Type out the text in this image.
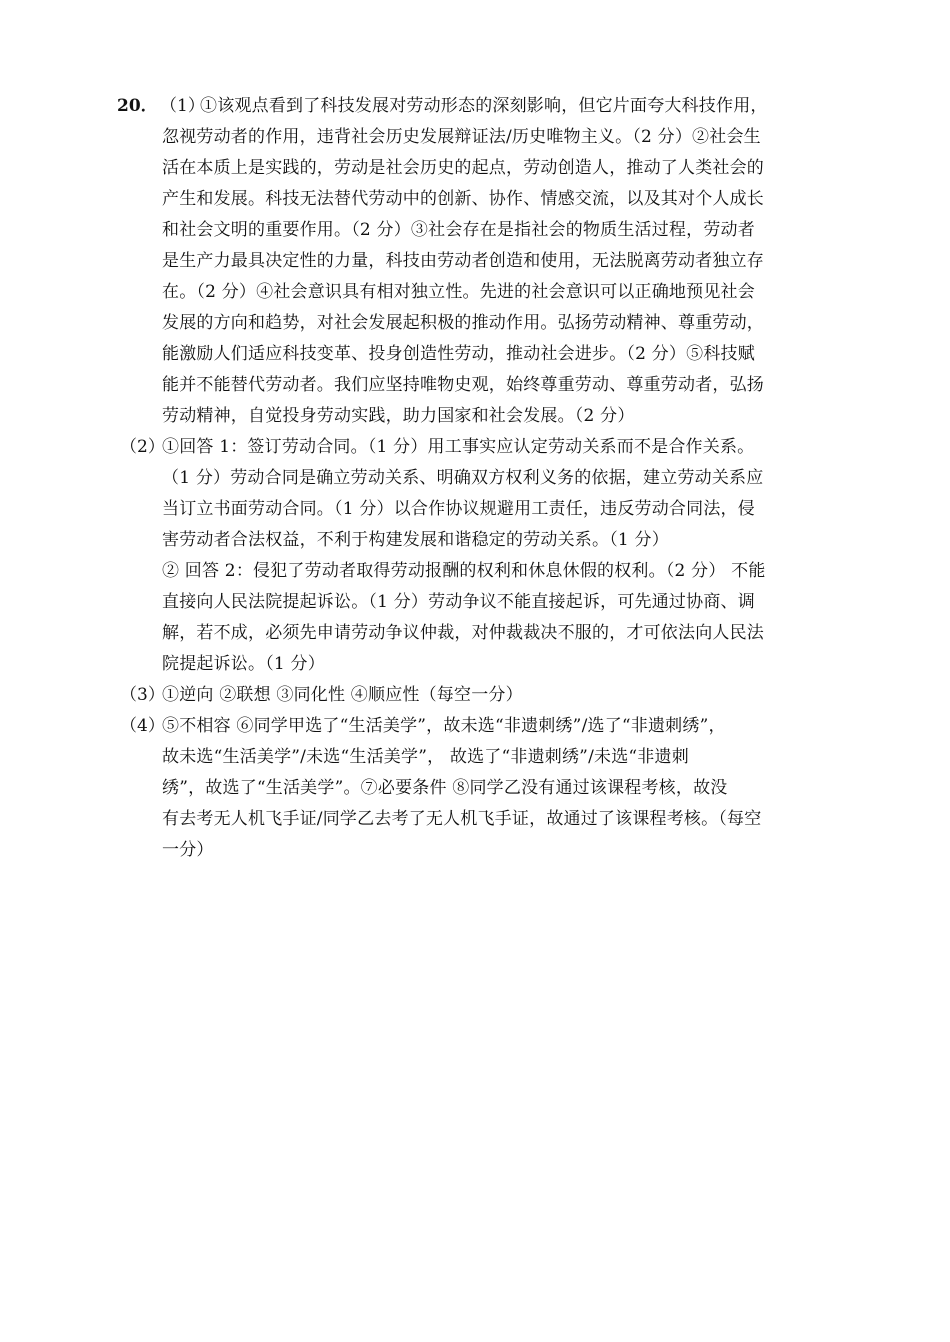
20． （1）
①该观点看到了科技发展对劳动形态的深刻影响，但它片面夸大科技作用，
忽视劳动者的作用，违背社会历史发展辩证法/历史唯物主义。（2 分）②社会生
活在本质上是实践的，劳动是社会历史的起点，劳动创造人，推动了人类社会的
产生和发展。科技无法替代劳动中的创新、协作、情感交流，以及其对个人成长
和社会文明的重要作用。（2 分）③社会存在是指社会的物质生活过程，劳动者
是生产力最具决定性的力量，科技由劳动者创造和使用，无法脱离劳动者独立存
在。（2 分）④社会意识具有相对独立性。先进的社会意识可以正确地预见社会
发展的方向和趋势，对社会发展起积极的推动作用。弘扬劳动精神、尊重劳动，
能激励人们适应科技变革、投身创造性劳动，推动社会进步。（2 分）⑤科技赋
能并不能替代劳动者。我们应坚持唯物史观，始终尊重劳动、尊重劳动者，弘扬
劳动精神，自觉投身劳动实践，助力国家和社会发展。（2 分）
（2）
①回答 1：签订劳动合同。（1 分）用工事实应认定劳动关系而不是合作关系。
（1 分）劳动合同是确立劳动关系、明确双方权利义务的依据，建立劳动关系应
当订立书面劳动合同。（1 分）以合作协议规避用工责任，违反劳动合同法，侵
害劳动者合法权益，不利于构建发展和谐稳定的劳动关系。（1 分）
② 回答 2：侵犯了劳动者取得劳动报酬的权利和休息休假的权利。（2 分） 不能
直接向人民法院提起诉讼。（1 分）劳动争议不能直接起诉，可先通过协商、调
解，若不成，必须先申请劳动争议仲裁，对仲裁裁决不服的，才可依法向人民法
院提起诉讼。（1 分）
（3）
①逆向 ②联想 ③同化性 ④顺应性（每空一分）
（4）
⑤不相容 ⑥同学甲选了“生活美学”，故未选“非遗刺绣”/选了“非遗刺绣”，
故未选“生活美学”/未选“生活美学”， 故选了“非遗刺绣”/未选“非遗刺
绣”，故选了“生活美学”。⑦必要条件 ⑧同学乙没有通过该课程考核，故没
有去考无人机飞手证/同学乙去考了无人机飞手证，故通过了该课程考核。（每空
一分）
